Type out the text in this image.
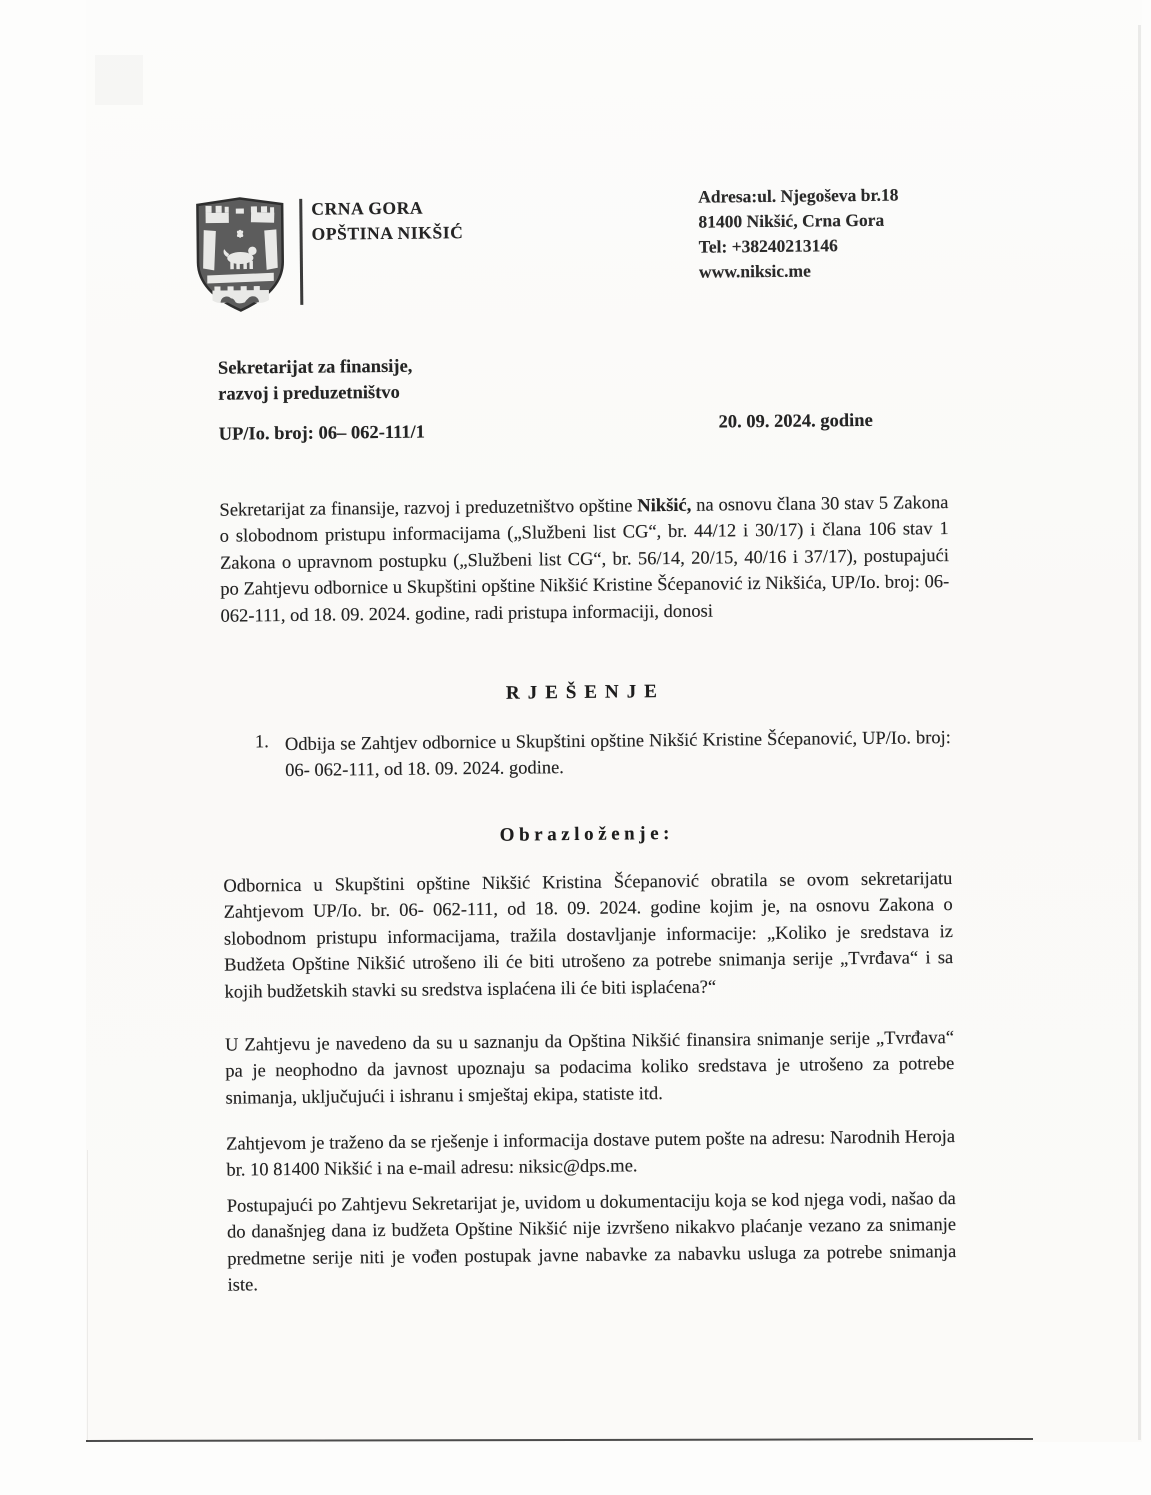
CRNA GORA
OPŠTINA NIKŠIĆ
Adresa:ul. Njegoševa br.18
81400 Nikšić, Crna Gora
Tel: +38240213146
www.niksic.me
Sekretarijat za finansije,
razvoj i preduzetništvo
UP/Io. broj: 06– 062-111/1
20. 09. 2024. godine
Sekretarijat za finansije, razvoj i preduzetništvo opštine Nikšić, na osnovu člana 30 stav 5 Zakona o slobodnom pristupu informacijama („Službeni list CG“, br. 44/12 i 30/17) i člana 106 stav 1 Zakona o upravnom postupku („Službeni list CG“, br. 56/14, 20/15, 40/16 i 37/17), postupajući po Zahtjevu odbornice u Skupštini opštine Nikšić Kristine Šćepanović iz Nikšića, UP/Io. broj: 06- 062-111, od 18. 09. 2024. godine, radi pristupa informaciji, donosi
RJEŠENJE
1. Odbija se Zahtjev odbornice u Skupštini opštine Nikšić Kristine Šćepanović, UP/Io. broj: 06- 062-111, od 18. 09. 2024. godine.
Obrazloženje:
Odbornica u Skupštini opštine Nikšić Kristina Šćepanović obratila se ovom sekretarijatu Zahtjevom UP/Io. br. 06- 062-111, od 18. 09. 2024. godine kojim je, na osnovu Zakona o slobodnom pristupu informacijama, tražila dostavljanje informacije: „Koliko je sredstava iz Budžeta Opštine Nikšić utrošeno ili će biti utrošeno za potrebe snimanja serije „Tvrđava“ i sa kojih budžetskih stavki su sredstva isplaćena ili će biti isplaćena?“
U Zahtjevu je navedeno da su u saznanju da Opština Nikšić finansira snimanje serije „Tvrđava“ pa je neophodno da javnost upoznaju sa podacima koliko sredstava je utrošeno za potrebe snimanja, uključujući i ishranu i smještaj ekipa, statiste itd.
Zahtjevom je traženo da se rješenje i informacija dostave putem pošte na adresu: Narodnih Heroja br. 10 81400 Nikšić i na e-mail adresu: niksic@dps.me.
Postupajući po Zahtjevu Sekretarijat je, uvidom u dokumentaciju koja se kod njega vodi, našao da do današnjeg dana iz budžeta Opštine Nikšić nije izvršeno nikakvo plaćanje vezano za snimanje predmetne serije niti je vođen postupak javne nabavke za nabavku usluga za potrebe snimanja iste.
